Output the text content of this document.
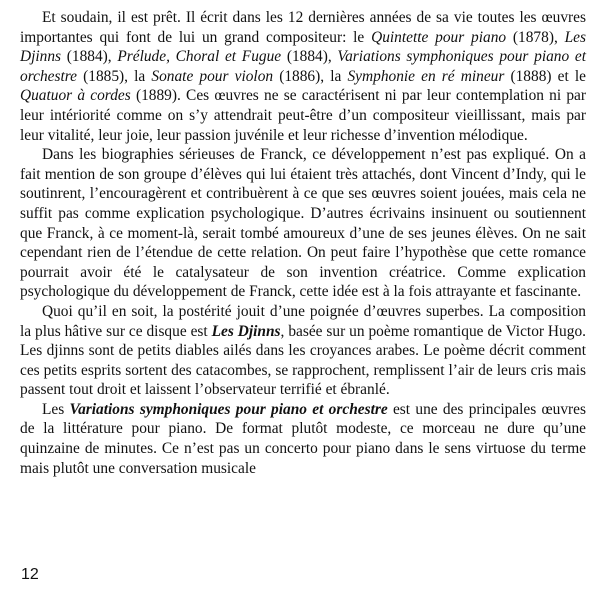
Et soudain, il est prêt. Il écrit dans les 12 dernières années de sa vie toutes les œuvres importantes qui font de lui un grand compositeur: le Quintette pour piano (1878), Les Djinns (1884), Prélude, Choral et Fugue (1884), Variations symphoniques pour piano et orchestre (1885), la Sonate pour violon (1886), la Symphonie en ré mineur (1888) et le Quatuor à cordes (1889). Ces œuvres ne se caractérisent ni par leur contemplation ni par leur intériorité comme on s’y attendrait peut-être d’un compositeur vieillissant, mais par leur vitalité, leur joie, leur passion juvénile et leur richesse d’invention mélodique.

Dans les biographies sérieuses de Franck, ce développement n’est pas expliqué. On a fait mention de son groupe d’élèves qui lui étaient très attachés, dont Vincent d’Indy, qui le soutinrent, l’encouragèrent et contribuèrent à ce que ses œuvres soient jouées, mais cela ne suffit pas comme explication psychologique. D’autres écrivains insinuent ou soutiennent que Franck, à ce moment-là, serait tombé amoureux d’une de ses jeunes élèves. On ne sait cependant rien de l’étendue de cette relation. On peut faire l’hypothèse que cette romance pourrait avoir été le catalysateur de son invention créatrice. Comme explication psychologique du développement de Franck, cette idée est à la fois attrayante et fascinante.

Quoi qu’il en soit, la postérité jouit d’une poignée d’œuvres superbes. La composition la plus hâtive sur ce disque est Les Djinns, basée sur un poème romantique de Victor Hugo. Les djinns sont de petits diables ailés dans les croyances arabes. Le poème décrit comment ces petits esprits sortent des catacombes, se rapprochent, remplissent l’air de leurs cris mais passent tout droit et laissent l’observateur terrifié et ébranlé.

Les Variations symphoniques pour piano et orchestre est une des principales œuvres de la littérature pour piano. De format plutôt modeste, ce morceau ne dure qu’une quinzaine de minutes. Ce n’est pas un concerto pour piano dans le sens virtuose du terme mais plutôt une conversation musicale

12
